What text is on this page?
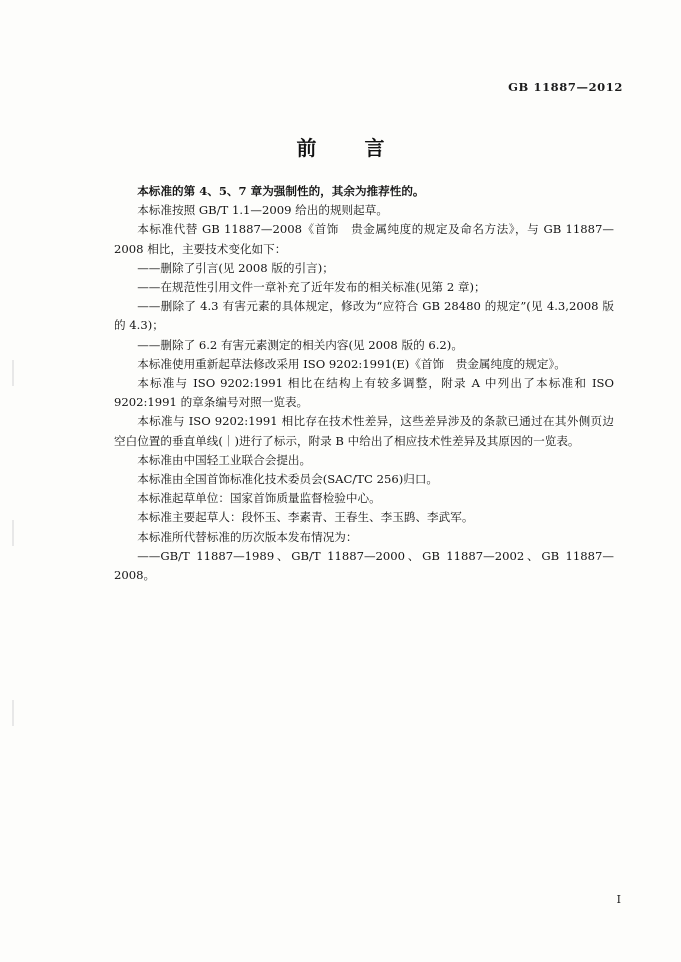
GB 11887—2012
前　言

本标准的第 4、5、7 章为强制性的，其余为推荐性的。

本标准按照 GB/T 1.1—2009 给出的规则起草。

本标准代替 GB 11887—2008《首饰　贵金属纯度的规定及命名方法》，与 GB 11887—2008 相比，主要技术变化如下：

——删除了引言(见 2008 版的引言)；

——在规范性引用文件一章补充了近年发布的相关标准(见第 2 章)；

——删除了 4.3 有害元素的具体规定，修改为“应符合 GB 28480 的规定”(见 4.3,2008 版的 4.3)；

——删除了 6.2 有害元素测定的相关内容(见 2008 版的 6.2)。

本标准使用重新起草法修改采用 ISO 9202:1991(E)《首饰　贵金属纯度的规定》。

本标准与 ISO 9202:1991 相比在结构上有较多调整，附录 A 中列出了本标准和 ISO 9202:1991 的章条编号对照一览表。

本标准与 ISO 9202:1991 相比存在技术性差异，这些差异涉及的条款已通过在其外侧页边空白位置的垂直单线(｜)进行了标示，附录 B 中给出了相应技术性差异及其原因的一览表。

本标准由中国轻工业联合会提出。

本标准由全国首饰标准化技术委员会(SAC/TC 256)归口。

本标准起草单位：国家首饰质量监督检验中心。

本标准主要起草人：段怀玉、李素青、王春生、李玉鹍、李武军。

本标准所代替标准的历次版本发布情况为：

——GB/T 11887—1989、GB/T 11887—2000、GB 11887—2002、GB 11887—2008。

I
